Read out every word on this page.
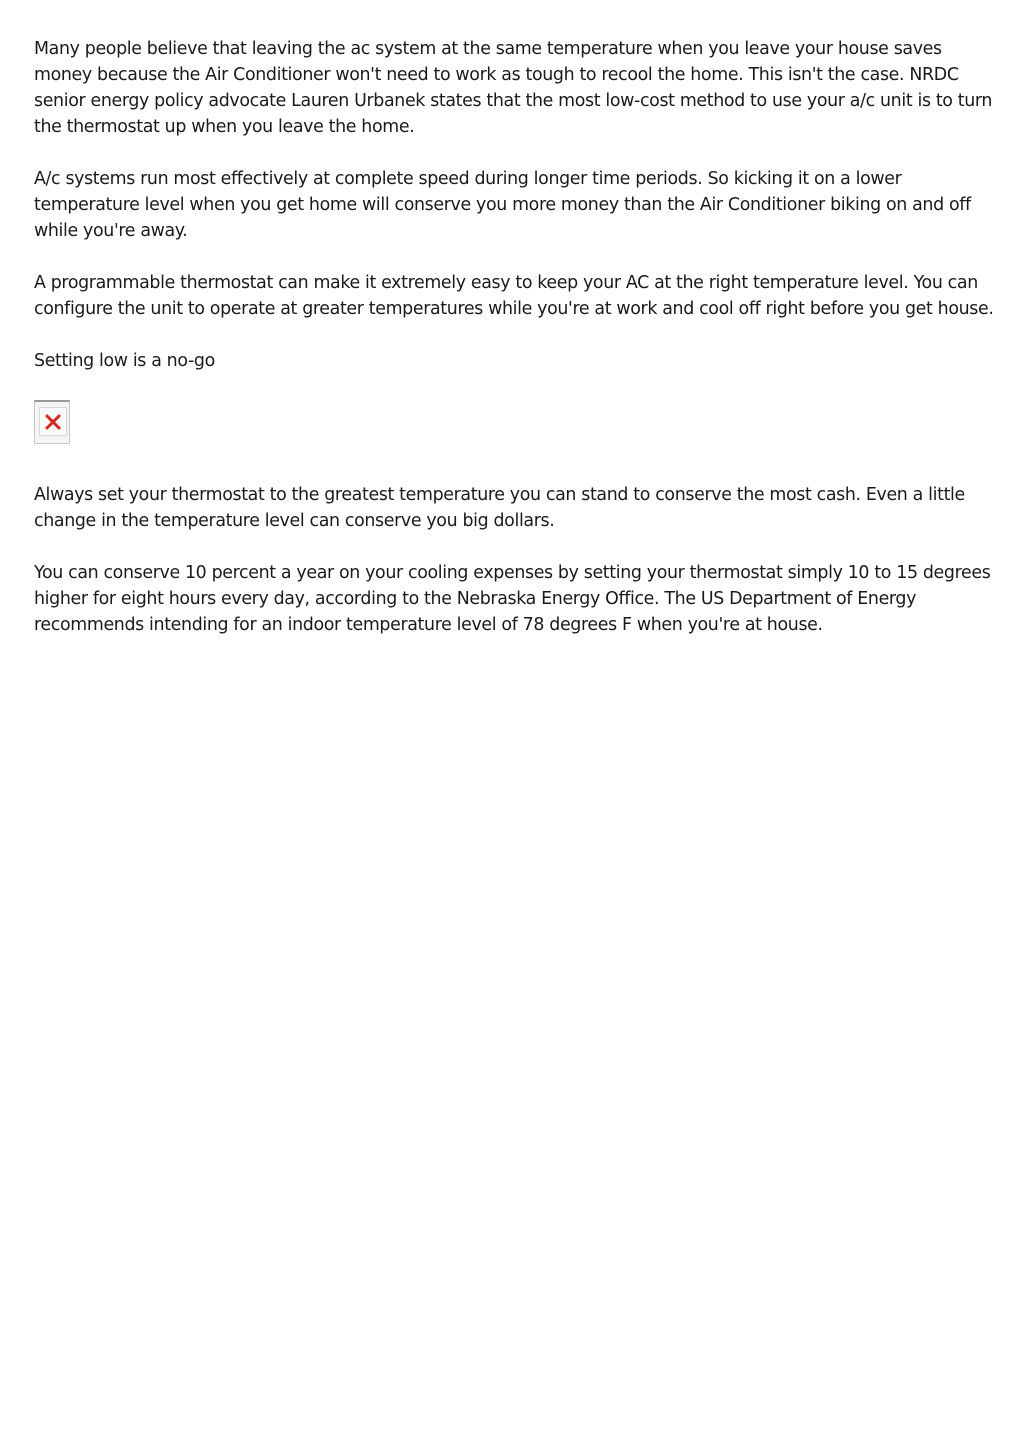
Many people believe that leaving the ac system at the same temperature when you leave your house saves money because the Air Conditioner won't need to work as tough to recool the home. This isn't the case. NRDC senior energy policy advocate Lauren Urbanek states that the most low-cost method to use your a/c unit is to turn the thermostat up when you leave the home.

A/c systems run most effectively at complete speed during longer time periods. So kicking it on a lower temperature level when you get home will conserve you more money than the Air Conditioner biking on and off while you're away.

A programmable thermostat can make it extremely easy to keep your AC at the right temperature level. You can configure the unit to operate at greater temperatures while you're at work and cool off right before you get house.

Setting low is a no-go

Always set your thermostat to the greatest temperature you can stand to conserve the most cash. Even a little change in the temperature level can conserve you big dollars.

You can conserve 10 percent a year on your cooling expenses by setting your thermostat simply 10 to 15 degrees higher for eight hours every day, according to the Nebraska Energy Office. The US Department of Energy recommends intending for an indoor temperature level of 78 degrees F when you're at house.
